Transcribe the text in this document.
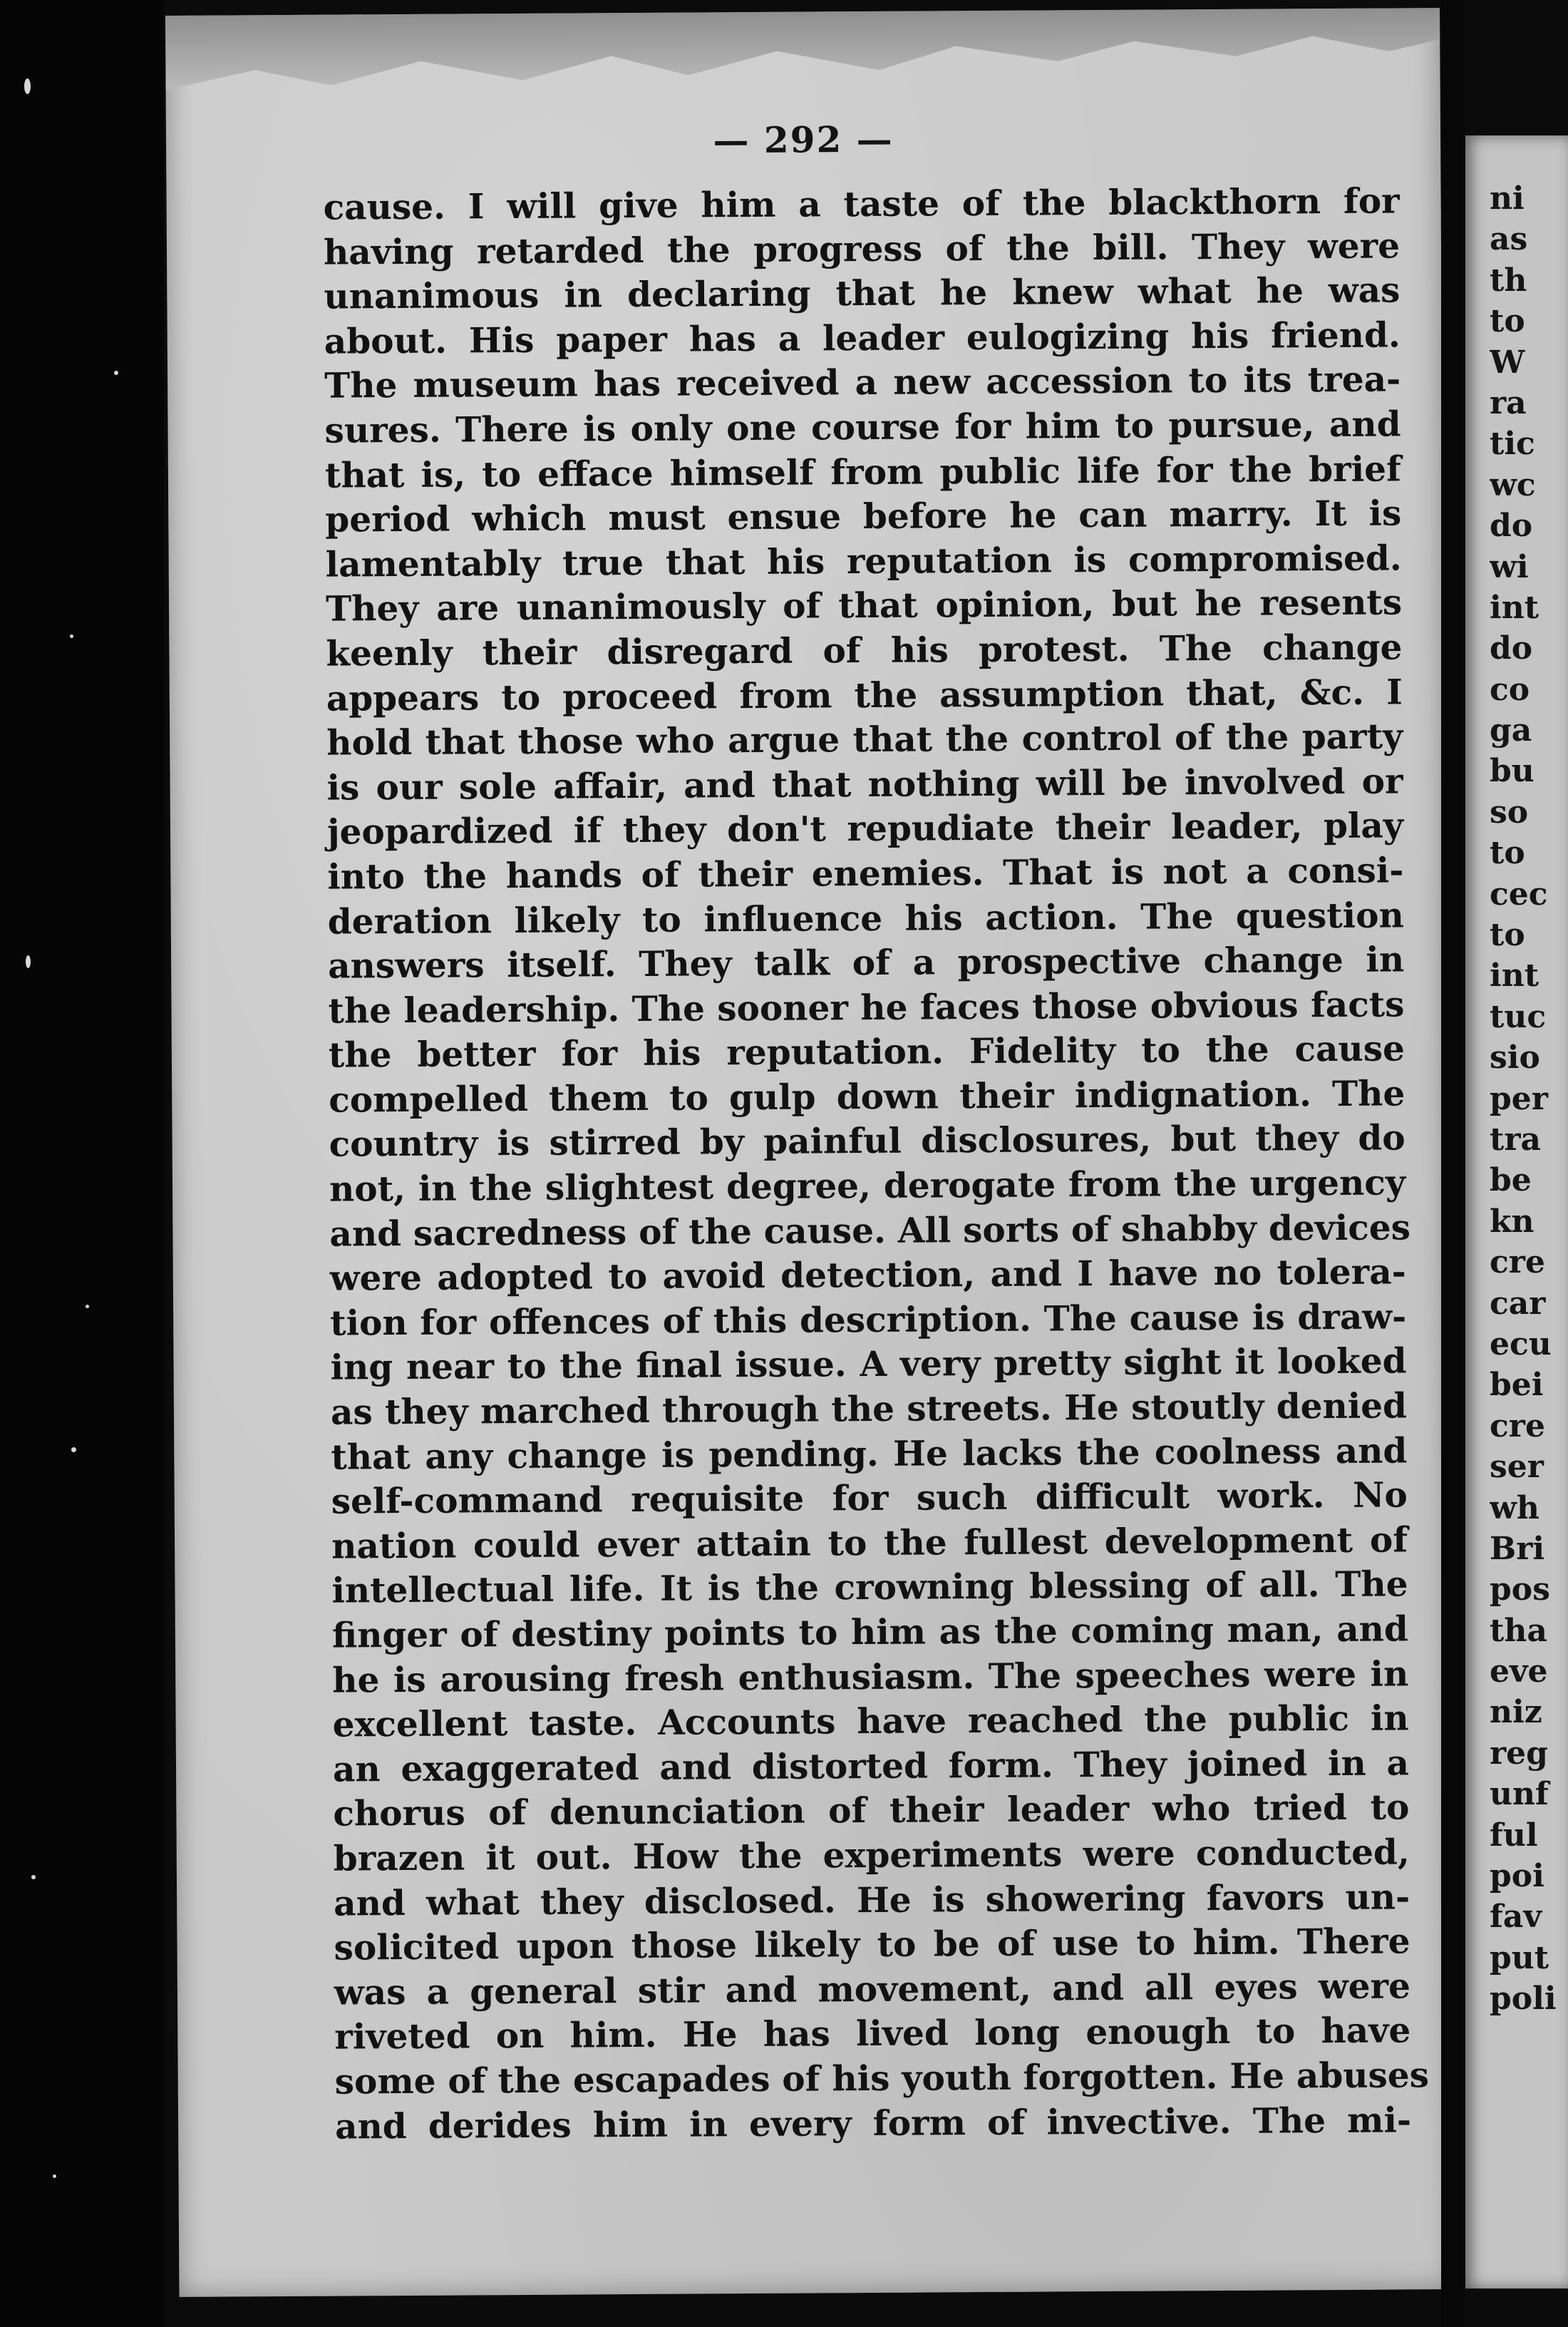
— 292 —
cause. I will give him a taste of the blackthorn for
having retarded the progress of the bill. They were
unanimous in declaring that he knew what he was
about. His paper has a leader eulogizing his friend.
The museum has received a new accession to its trea-
sures. There is only one course for him to pursue, and
that is, to efface himself from public life for the brief
period which must ensue before he can marry. It is
lamentably true that his reputation is compromised.
They are unanimously of that opinion, but he resents
keenly their disregard of his protest. The change
appears to proceed from the assumption that, &c. I
hold that those who argue that the control of the party
is our sole affair, and that nothing will be involved or
jeopardized if they don't repudiate their leader, play
into the hands of their enemies. That is not a consi-
deration likely to influence his action. The question
answers itself. They talk of a prospective change in
the leadership. The sooner he faces those obvious facts
the better for his reputation. Fidelity to the cause
compelled them to gulp down their indignation. The
country is stirred by painful disclosures, but they do
not, in the slightest degree, derogate from the urgency
and sacredness of the cause. All sorts of shabby devices
were adopted to avoid detection, and I have no tolera-
tion for offences of this description. The cause is draw-
ing near to the final issue. A very pretty sight it looked
as they marched through the streets. He stoutly denied
that any change is pending. He lacks the coolness and
self-command requisite for such difficult work. No
nation could ever attain to the fullest development of
intellectual life. It is the crowning blessing of all. The
finger of destiny points to him as the coming man, and
he is arousing fresh enthusiasm. The speeches were in
excellent taste. Accounts have reached the public in
an exaggerated and distorted form. They joined in a
chorus of denunciation of their leader who tried to
brazen it out. How the experiments were conducted,
and what they disclosed. He is showering favors un-
solicited upon those likely to be of use to him. There
was a general stir and movement, and all eyes were
riveted on him. He has lived long enough to have
some of the escapades of his youth forgotten. He abuses
and derides him in every form of invective. The mi-
ni
as
th
to
W
ra
tic
wc
do
wi
int
do
co
ga
bu
so
to
cec
to
int
tuc
sio
per
tra
be
kn
cre
car
ecu
bei
cre
ser
wh
Bri
pos
tha
eve
niz
reg
unf
ful
poi
fav
put
poli
